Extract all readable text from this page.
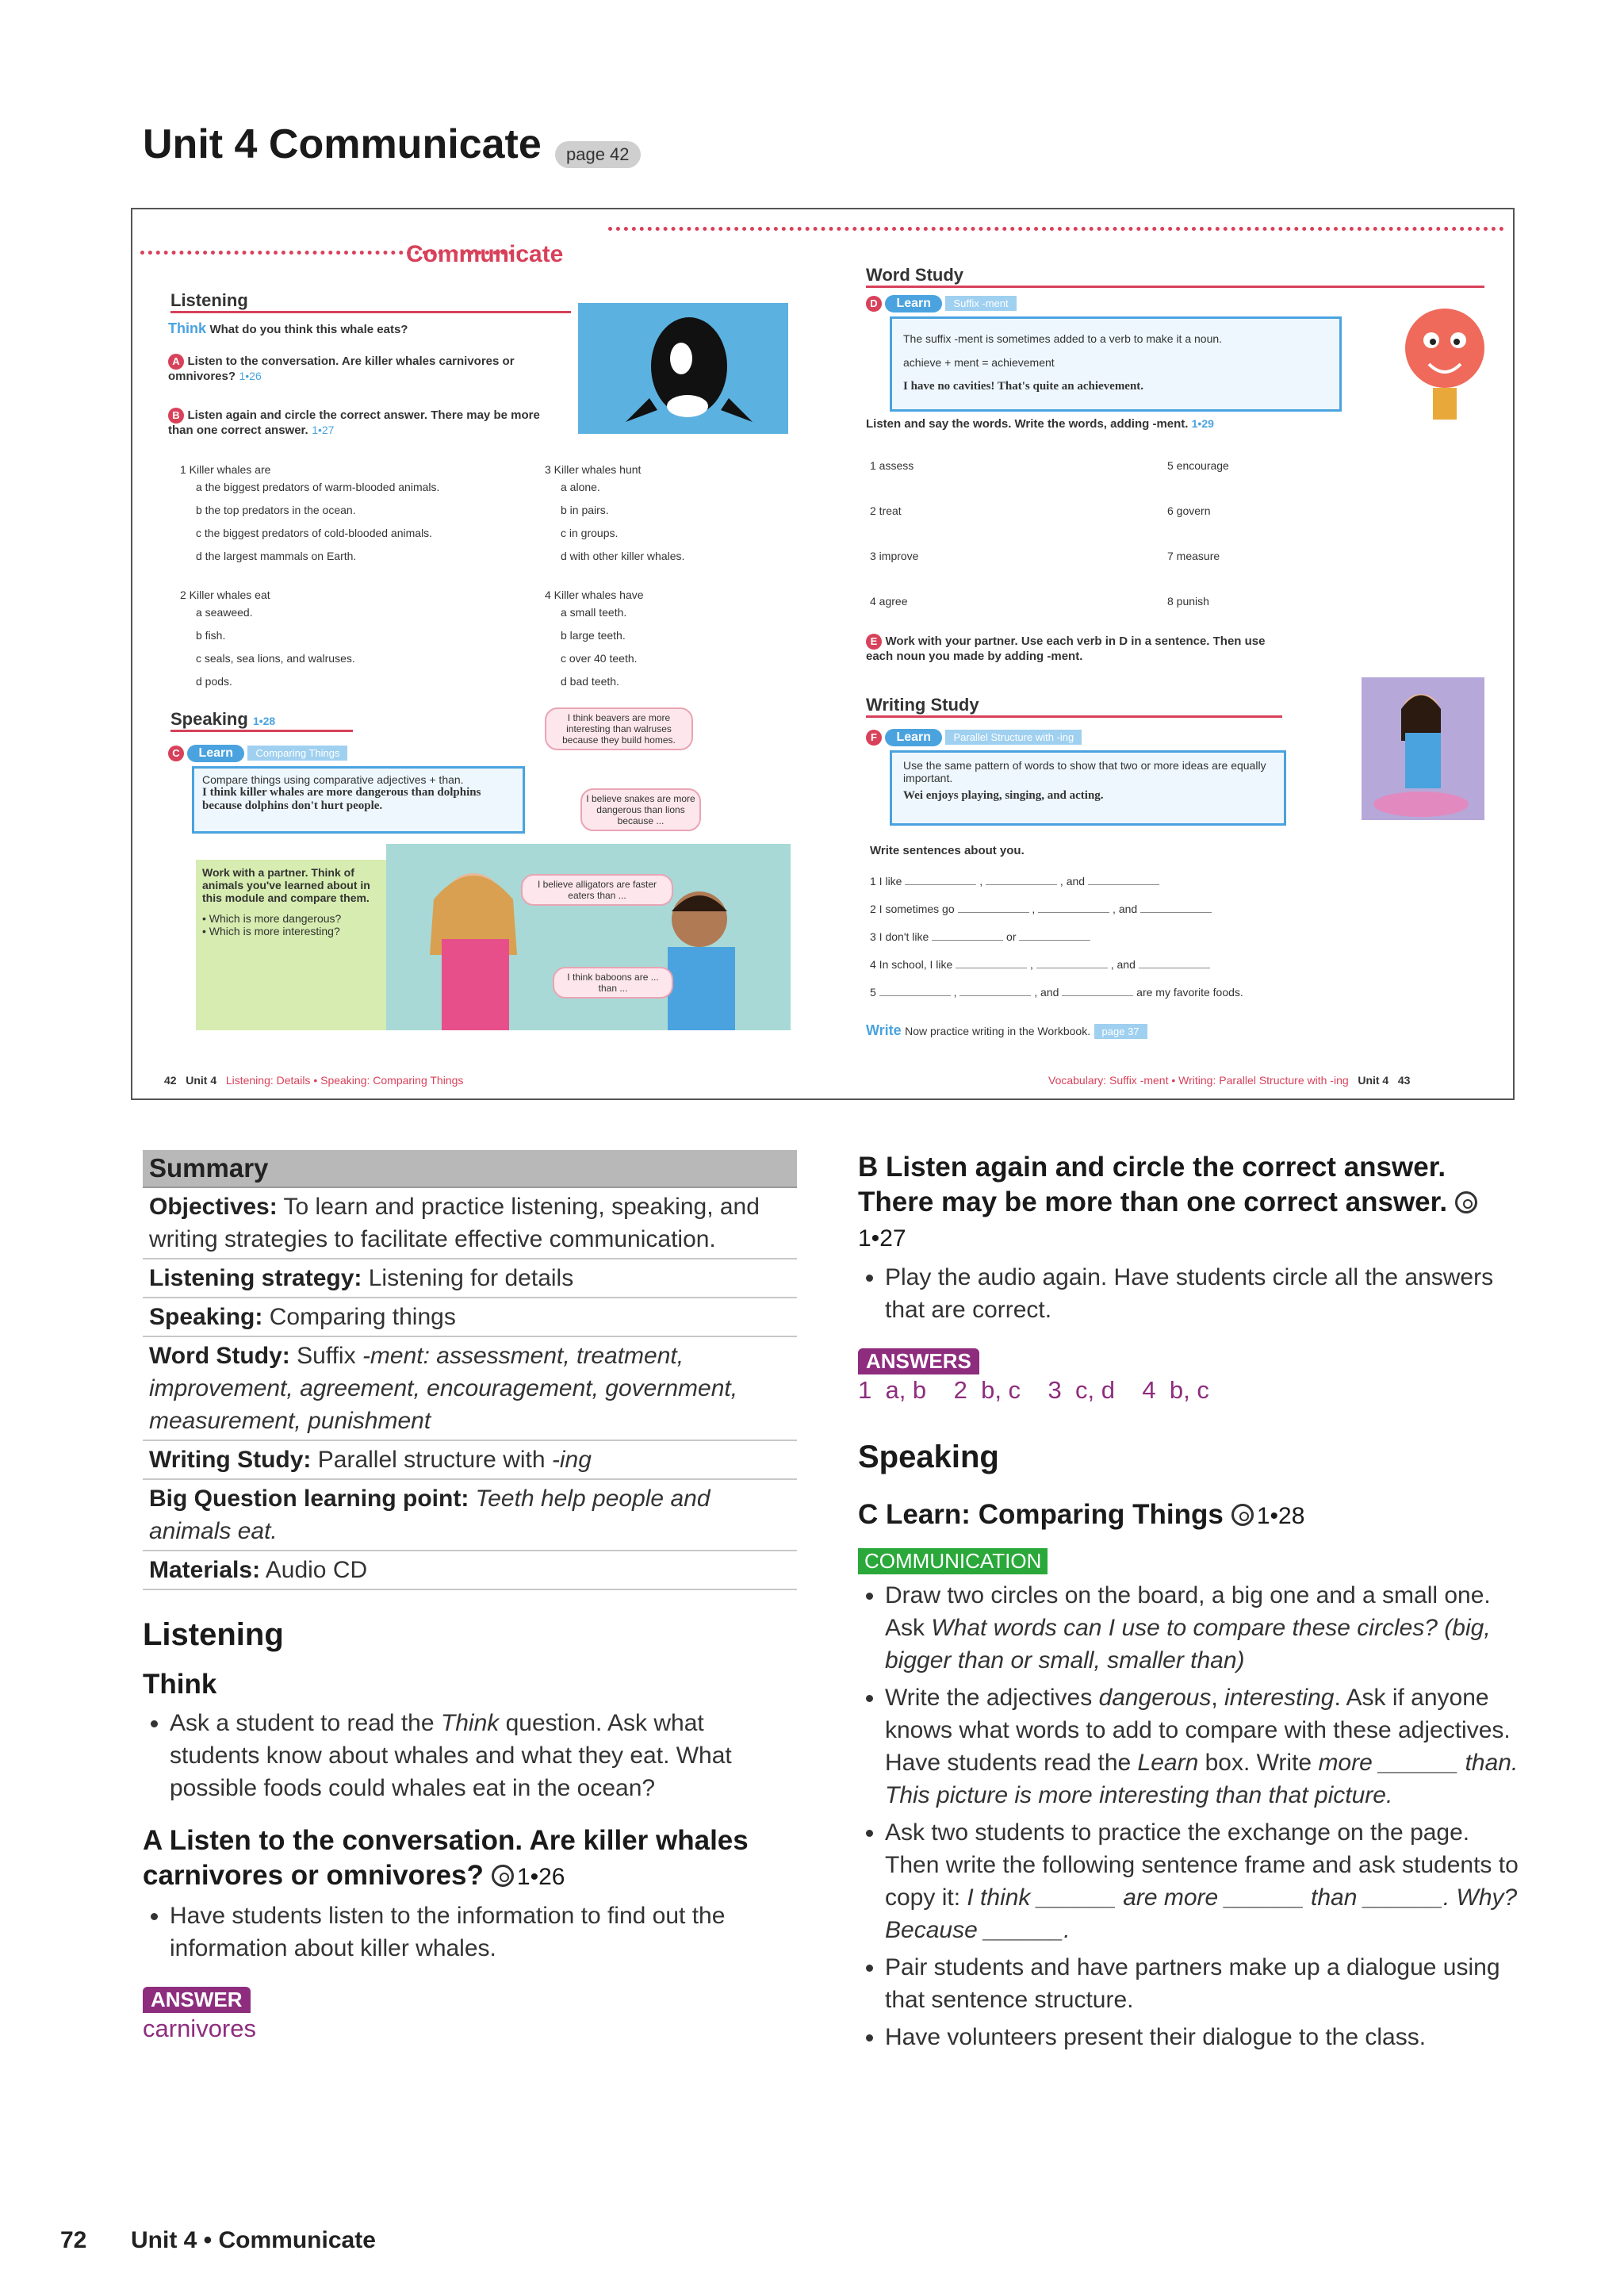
Unit 4 Communicate	page 42
Communicate
Listening
Think What do you think this whale eats?
A Listen to the conversation. Are killer whales carnivores or omnivores? 1•26
B Listen again and circle the correct answer. There may be more than one correct answer. 1•27
1 Killer whales are
a the biggest predators of warm-blooded animals.
b the top predators in the ocean.
c the biggest predators of cold-blooded animals.
d the largest mammals on Earth.
2 Killer whales eat
a seaweed.
b fish.
c seals, sea lions, and walruses.
d pods.
3 Killer whales hunt
a alone.
b in pairs.
c in groups.
d with other killer whales.
4 Killer whales have
a small teeth.
b large teeth.
c over 40 teeth.
d bad teeth.
Speaking 1•28
C Learn Comparing Things
Compare things using comparative adjectives + than.
I think killer whales are more dangerous than dolphins because dolphins don't hurt people.
Work with a partner. Think of animals you've learned about in this module and compare them.
• Which is more dangerous?
• Which is more interesting?
I think beavers are more interesting than walruses because they build homes.
I believe snakes are more dangerous than lions because ...
I believe alligators are faster eaters than ...
I think baboons are ... than ...
42 Unit 4 Listening: Details • Speaking: Comparing Things
Word Study
D Learn Suffix -ment
The suffix -ment is sometimes added to a verb to make it a noun.
achieve + ment = achievement
I have no cavities! That's quite an achievement.
Listen and say the words. Write the words, adding -ment. 1•29
1 assess
2 treat
3 improve
4 agree
5 encourage
6 govern
7 measure
8 punish
E Work with your partner. Use each verb in D in a sentence. Then use each noun you made by adding -ment.
Writing Study
F Learn Parallel Structure with -ing
Use the same pattern of words to show that two or more ideas are equally important.
Wei enjoys playing, singing, and acting.
Write sentences about you.
1 I like	,	, and
2 I sometimes go	,	, and
3 I don't like	or
4 In school, I like	,	, and
5	,	, and	are my favorite foods.
Write Now practice writing in the Workbook. page 37
Vocabulary: Suffix -ment • Writing: Parallel Structure with -ing Unit 4 43
Summary
Objectives: To learn and practice listening, speaking, and writing strategies to facilitate effective communication.
Listening strategy: Listening for details
Speaking: Comparing things
Word Study: Suffix -ment: assessment, treatment, improvement, agreement, encouragement, government, measurement, punishment
Writing Study: Parallel structure with -ing
Big Question learning point: Teeth help people and animals eat.
Materials: Audio CD
Listening
Think
• Ask a student to read the Think question. Ask what students know about whales and what they eat. What possible foods could whales eat in the ocean?
A Listen to the conversation. Are killer whales carnivores or omnivores? 1•26
• Have students listen to the information to find out the information about killer whales.
ANSWER
carnivores
B Listen again and circle the correct answer. There may be more than one correct answer.1•27
• Play the audio again. Have students circle all the answers that are correct.
ANSWERS
1  a, b    2  b, c    3  c, d    4  b, c
Speaking
C Learn: Comparing Things 1•28
COMMUNICATION
• Draw two circles on the board, a big one and a small one. Ask What words can I use to compare these circles? (big, bigger than or small, smaller than)
• Write the adjectives dangerous, interesting. Ask if anyone knows what words to add to compare with these adjectives. Have students read the Learn box. Write more ______ than. This picture is more interesting than that picture.
• Ask two students to practice the exchange on the page. Then write the following sentence frame and ask students to copy it: I think ______ are more ______ than ______. Why? Because ______.
• Pair students and have partners make up a dialogue using that sentence structure.
• Have volunteers present their dialogue to the class.
72 Unit 4 • Communicate
